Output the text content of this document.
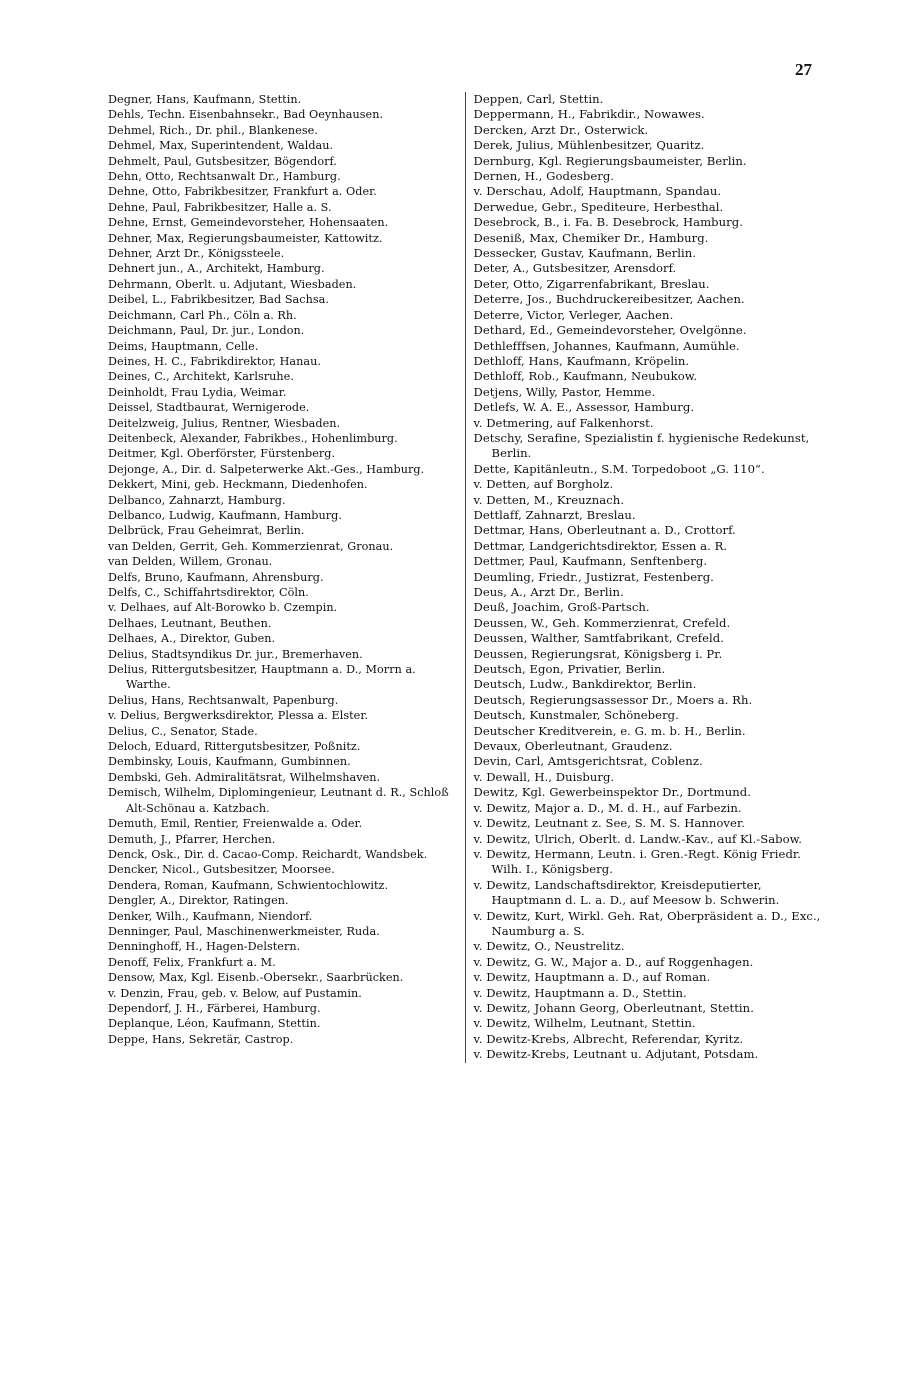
27
Degner, Hans, Kaufmann, Stettin.
Dehls, Techn. Eisenbahnsekr., Bad Oeynhausen.
Dehmel, Rich., Dr. phil., Blankenese.
Dehmel, Max, Superintendent, Waldau.
Dehmelt, Paul, Gutsbesitzer, Bögendorf.
Dehn, Otto, Rechtsanwalt Dr., Hamburg.
Dehne, Otto, Fabrikbesitzer, Frankfurt a. Oder.
Dehne, Paul, Fabrikbesitzer, Halle a. S.
Dehne, Ernst, Gemeindevorsteher, Hohensaaten.
Dehner, Max, Regierungsbaumeister, Kattowitz.
Dehner, Arzt Dr., Königssteele.
Dehnert jun., A., Architekt, Hamburg.
Dehrmann, Oberlt. u. Adjutant, Wiesbaden.
Deibel, L., Fabrikbesitzer, Bad Sachsa.
Deichmann, Carl Ph., Cöln a. Rh.
Deichmann, Paul, Dr. jur., London.
Deims, Hauptmann, Celle.
Deines, H. C., Fabrikdirektor, Hanau.
Deines, C., Architekt, Karlsruhe.
Deinholdt, Frau Lydia, Weimar.
Deissel, Stadtbaurat, Wernigerode.
Deitelzweig, Julius, Rentner, Wiesbaden.
Deitenbeck, Alexander, Fabrikbes., Hohenlimburg.
Deitmer, Kgl. Oberförster, Fürstenberg.
Dejonge, A., Dir. d. Salpeterwerke Akt.-Ges., Hamburg.
Dekkert, Mini, geb. Heckmann, Diedenhofen.
Delbanco, Zahnarzt, Hamburg.
Delbanco, Ludwig, Kaufmann, Hamburg.
Delbrück, Frau Geheimrat, Berlin.
van Delden, Gerrit, Geh. Kommerzienrat, Gronau.
van Delden, Willem, Gronau.
Delfs, Bruno, Kaufmann, Ahrensburg.
Delfs, C., Schiffahrtsdirektor, Cöln.
v. Delhaes, auf Alt-Borowko b. Czempin.
Delhaes, Leutnant, Beuthen.
Delhaes, A., Direktor, Guben.
Delius, Stadtsyndikus Dr. jur., Bremerhaven.
Delius, Rittergutsbesitzer, Hauptmann a. D., Morrn a. Warthe.
Delius, Hans, Rechtsanwalt, Papenburg.
v. Delius, Bergwerksdirektor, Plessa a. Elster.
Delius, C., Senator, Stade.
Deloch, Eduard, Rittergutsbesitzer, Poßnitz.
Dembinsky, Louis, Kaufmann, Gumbinnen.
Dembski, Geh. Admiralitätsrat, Wilhelmshaven.
Demisch, Wilhelm, Diplomingenieur, Leutnant d. R., Schloß Alt-Schönau a. Katzbach.
Demuth, Emil, Rentier, Freienwalde a. Oder.
Demuth, J., Pfarrer, Herchen.
Denck, Osk., Dir. d. Cacao-Comp. Reichardt, Wandsbek.
Dencker, Nicol., Gutsbesitzer, Moorsee.
Dendera, Roman, Kaufmann, Schwientochlowitz.
Dengler, A., Direktor, Ratingen.
Denker, Wilh., Kaufmann, Niendorf.
Denninger, Paul, Maschinenwerkmeister, Ruda.
Denninghoff, H., Hagen-Delstern.
Denoff, Felix, Frankfurt a. M.
Densow, Max, Kgl. Eisenb.-Obersekr., Saarbrücken.
v. Denzin, Frau, geb. v. Below, auf Pustamin.
Dependorf, J. H., Färberei, Hamburg.
Deplanque, Léon, Kaufmann, Stettin.
Deppe, Hans, Sekretär, Castrop.
Deppen, Carl, Stettin.
Deppermann, H., Fabrikdir., Nowawes.
Dercken, Arzt Dr., Osterwick.
Derek, Julius, Mühlenbesitzer, Quaritz.
Dernburg, Kgl. Regierungsbaumeister, Berlin.
Dernen, H., Godesberg.
v. Derschau, Adolf, Hauptmann, Spandau.
Derwedue, Gebr., Spediteure, Herbesthal.
Desebrock, B., i. Fa. B. Desebrock, Hamburg.
Deseniß, Max, Chemiker Dr., Hamburg.
Dessecker, Gustav, Kaufmann, Berlin.
Deter, A., Gutsbesitzer, Arensdorf.
Deter, Otto, Zigarrenfabrikant, Breslau.
Deterre, Jos., Buchdruckereibesitzer, Aachen.
Deterre, Victor, Verleger, Aachen.
Dethard, Ed., Gemeindevorsteher, Ovelgönne.
Dethlefffsen, Johannes, Kaufmann, Aumühle.
Dethloff, Hans, Kaufmann, Kröpelin.
Dethloff, Rob., Kaufmann, Neubukow.
Detjens, Willy, Pastor, Hemme.
Detlefs, W. A. E., Assessor, Hamburg.
v. Detmering, auf Falkenhorst.
Detschy, Serafine, Spezialistin f. hygienische Redekunst, Berlin.
Dette, Kapitänleutn., S.M. Torpedoboot „G. 110“.
v. Detten, auf Borgholz.
v. Detten, M., Kreuznach.
Dettlaff, Zahnarzt, Breslau.
Dettmar, Hans, Oberleutnant a. D., Crottorf.
Dettmar, Landgerichtsdirektor, Essen a. R.
Dettmer, Paul, Kaufmann, Senftenberg.
Deumling, Friedr., Justizrat, Festenberg.
Deus, A., Arzt Dr., Berlin.
Deuß, Joachim, Groß-Partsch.
Deussen, W., Geh. Kommerzienrat, Crefeld.
Deussen, Walther, Samtfabrikant, Crefeld.
Deussen, Regierungsrat, Königsberg i. Pr.
Deutsch, Egon, Privatier, Berlin.
Deutsch, Ludw., Bankdirektor, Berlin.
Deutsch, Regierungsassessor Dr., Moers a. Rh.
Deutsch, Kunstmaler, Schöneberg.
Deutscher Kreditverein, e. G. m. b. H., Berlin.
Devaux, Oberleutnant, Graudenz.
Devin, Carl, Amtsgerichtsrat, Coblenz.
v. Dewall, H., Duisburg.
Dewitz, Kgl. Gewerbeinspektor Dr., Dortmund.
v. Dewitz, Major a. D., M. d. H., auf Farbezin.
v. Dewitz, Leutnant z. See, S. M. S. Hannover.
v. Dewitz, Ulrich, Oberlt. d. Landw.-Kav., auf Kl.-Sabow.
v. Dewitz, Hermann, Leutn. i. Gren.-Regt. König Friedr. Wilh. I., Königsberg.
v. Dewitz, Landschaftsdirektor, Kreisdeputierter, Hauptmann d. L. a. D., auf Meesow b. Schwerin.
v. Dewitz, Kurt, Wirkl. Geh. Rat, Oberpräsident a. D., Exc., Naumburg a. S.
v. Dewitz, O., Neustrelitz.
v. Dewitz, G. W., Major a. D., auf Roggenhagen.
v. Dewitz, Hauptmann a. D., auf Roman.
v. Dewitz, Hauptmann a. D., Stettin.
v. Dewitz, Johann Georg, Oberleutnant, Stettin.
v. Dewitz, Wilhelm, Leutnant, Stettin.
v. Dewitz-Krebs, Albrecht, Referendar, Kyritz.
v. Dewitz-Krebs, Leutnant u. Adjutant, Potsdam.
